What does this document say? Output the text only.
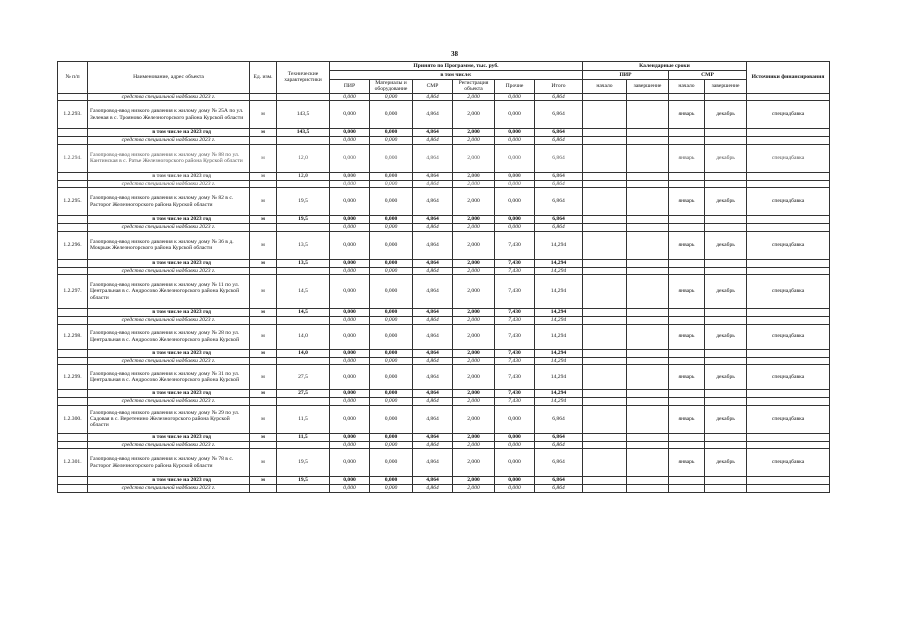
38
№ п/п	Наименование, адрес объекта	Ед. изм.	Технические характеристики	Принято по Программе, тыс. руб.						Календарные сроки				Источники финансирования
				в том числе:						ПИР		СМР		
				ПИР	Материалы и оборудование	СМР	Регистрация объекта	Прочие	Итого	начало	завершение	начало	завершение	
	средства специальной надбавки 2023 г.			0,000	0,000	4,864	2,000	0,000	6,864					
1.2.293.	Газопровод-ввод низкого давления к жилому дому № 25А по ул. Зеленая в с. Трояново Железногорского района Курской области	м	143,5	0,000	0,000	4,864	2,000	0,000	6,864			январь	декабрь	спецнадбавка
	в том числе на 2023 год	м	143,5	0,000	0,000	4,864	2,000	0,000	6,864					
	средства специальной надбавки 2023 г.			0,000	0,000	4,864	2,000	0,000	6,864					
1.2.294.	Газопровод-ввод низкого давления к жилому дому № 88 по ул. Кантинская в с. Ратье Железногорского района Курской области	м	12,0	0,000	0,000	4,864	2,000	0,000	6,864			январь	декабрь	спецнадбавка
	в том числе на 2023 год	м	12,0	0,000	0,000	4,864	2,000	0,000	6,864					
	средства специальной надбавки 2023 г.			0,000	0,000	4,864	2,000	0,000	6,864					
1.2.295.	Газопровод-ввод низкого давления к жилому дому № 82 в с. Расторог Железногорского района Курской области	м	19,5	0,000	0,000	4,864	2,000	0,000	6,864			январь	декабрь	спецнадбавка
	в том числе на 2023 год	м	19,5	0,000	0,000	4,864	2,000	0,000	6,864					
	средства специальной надбавки 2023 г.			0,000	0,000	4,864	2,000	0,000	6,864					
1.2.296.	Газопровод-ввод низкого давления к жилому дому № 36 в д. Мокрыж Железногорского района Курской области	м	13,5	0,000	0,000	4,864	2,000	7,430	14,294			январь	декабрь	спецнадбавка
	в том числе на 2023 год	м	13,5	0,000	0,000	4,864	2,000	7,430	14,294					
	средства специальной надбавки 2023 г.			0,000	0,000	4,864	2,000	7,430	14,294					
1.2.297.	Газопровод-ввод низкого давления к жилому дому № 11 по ул. Центральная в с. Андросово Железногорского района Курской области	м	14,5	0,000	0,000	4,864	2,000	7,430	14,294			январь	декабрь	спецнадбавка
	в том числе на 2023 год	м	14,5	0,000	0,000	4,864	2,000	7,430	14,294					
	средства специальной надбавки 2023 г.			0,000	0,000	4,864	2,000	7,430	14,294					
1.2.298.	Газопровод-ввод низкого давления к жилому дому № 28 по ул. Центральная в с. Андросово Железногорского района Курской	м	14,0	0,000	0,000	4,864	2,000	7,430	14,294			январь	декабрь	спецнадбавка
	в том числе на 2023 год	м	14,0	0,000	0,000	4,864	2,000	7,430	14,294					
	средства специальной надбавки 2023 г.			0,000	0,000	4,864	2,000	7,430	14,294					
1.2.299.	Газопровод-ввод низкого давления к жилому дому № 31 по ул. Центральная в с. Андросово Железногорского района Курской	м	27,5	0,000	0,000	4,864	2,000	7,430	14,294			январь	декабрь	спецнадбавка
	в том числе на 2023 год	м	27,5	0,000	0,000	4,864	2,000	7,430	14,294					
	средства специальной надбавки 2023 г.			0,000	0,000	4,864	2,000	7,430	14,294					
1.2.300.	Газопровод-ввод низкого давления к жилому дому № 29 по ул. Садовая в с. Веретенино Железногорского района Курской области	м	11,5	0,000	0,000	4,864	2,000	0,000	6,864			январь	декабрь	спецнадбавка
	в том числе на 2023 год	м	11,5	0,000	0,000	4,864	2,000	0,000	6,864					
	средства специальной надбавки 2023 г.			0,000	0,000	4,864	2,000	0,000	6,864					
1.2.301.	Газопровод-ввод низкого давления к жилому дому № 78 в с. Расторог Железногорского района Курской области	м	19,5	0,000	0,000	4,864	2,000	0,000	6,864			январь	декабрь	спецнадбавка
	в том числе на 2023 год	м	19,5	0,000	0,000	4,864	2,000	0,000	6,864					
	средства специальной надбавки 2023 г.			0,000	0,000	4,864	2,000	0,000	6,864					
